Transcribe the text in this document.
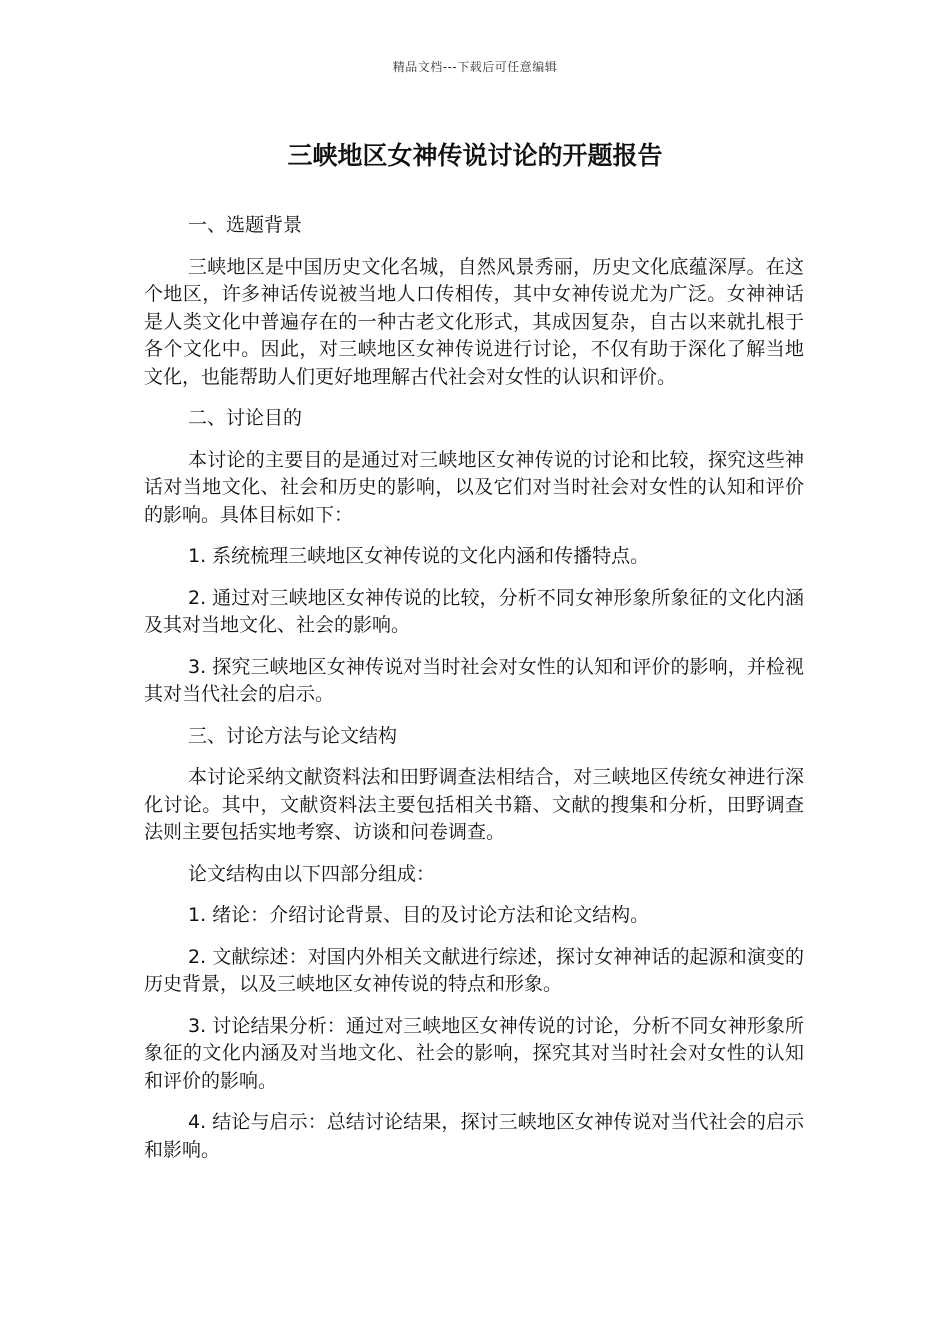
精品文档---下载后可任意编辑
三峡地区女神传说讨论的开题报告

一、选题背景

三峡地区是中国历史文化名城，自然风景秀丽，历史文化底蕴深厚。在这个地区，许多神话传说被当地人口传相传，其中女神传说尤为广泛。女神神话是人类文化中普遍存在的一种古老文化形式，其成因复杂，自古以来就扎根于各个文化中。因此，对三峡地区女神传说进行讨论，不仅有助于深化了解当地文化，也能帮助人们更好地理解古代社会对女性的认识和评价。

二、讨论目的

本讨论的主要目的是通过对三峡地区女神传说的讨论和比较，探究这些神话对当地文化、社会和历史的影响，以及它们对当时社会对女性的认知和评价的影响。具体目标如下：

1. 系统梳理三峡地区女神传说的文化内涵和传播特点。

2. 通过对三峡地区女神传说的比较，分析不同女神形象所象征的文化内涵及其对当地文化、社会的影响。

3. 探究三峡地区女神传说对当时社会对女性的认知和评价的影响，并检视其对当代社会的启示。

三、讨论方法与论文结构

本讨论采纳文献资料法和田野调查法相结合，对三峡地区传统女神进行深化讨论。其中，文献资料法主要包括相关书籍、文献的搜集和分析，田野调查法则主要包括实地考察、访谈和问卷调查。

论文结构由以下四部分组成：

1. 绪论：介绍讨论背景、目的及讨论方法和论文结构。

2. 文献综述：对国内外相关文献进行综述，探讨女神神话的起源和演变的历史背景，以及三峡地区女神传说的特点和形象。

3. 讨论结果分析：通过对三峡地区女神传说的讨论，分析不同女神形象所象征的文化内涵及对当地文化、社会的影响，探究其对当时社会对女性的认知和评价的影响。

4. 结论与启示：总结讨论结果，探讨三峡地区女神传说对当代社会的启示和影响。
